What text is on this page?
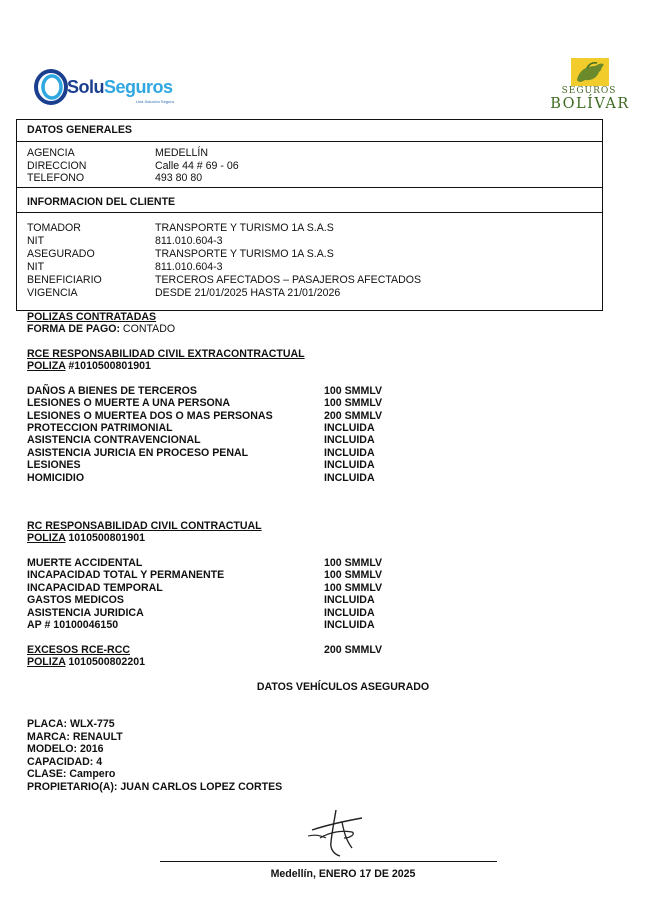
SoluSeguros
Una Solución Segura
SEGUROS
BOLÍVAR
DATOS GENERALES
AGENCIA	MEDELLÍN
DIRECCION	Calle 44 # 69 - 06
TELEFONO	493 80 80
INFORMACION DEL CLIENTE
TOMADOR	TRANSPORTE Y TURISMO 1A S.A.S
NIT	811.010.604-3
ASEGURADO	TRANSPORTE Y TURISMO 1A S.A.S
NIT	811.010.604-3
BENEFICIARIO	TERCEROS AFECTADOS – PASAJEROS AFECTADOS
VIGENCIA	DESDE 21/01/2025 HASTA 21/01/2026
POLIZAS CONTRATADAS
FORMA DE PAGO: CONTADO
RCE RESPONSABILIDAD CIVIL EXTRACONTRACTUAL
POLIZA #1010500801901
DAÑOS A BIENES DE TERCEROS	100 SMMLV
LESIONES O MUERTE A UNA PERSONA	100 SMMLV
LESIONES O MUERTEA DOS O MAS PERSONAS	200 SMMLV
PROTECCION PATRIMONIAL	INCLUIDA
ASISTENCIA CONTRAVENCIONAL	INCLUIDA
ASISTENCIA JURICIA EN PROCESO PENAL	INCLUIDA
LESIONES	INCLUIDA
HOMICIDIO	INCLUIDA
RC RESPONSABILIDAD CIVIL CONTRACTUAL
POLIZA 1010500801901
MUERTE ACCIDENTAL	100 SMMLV
INCAPACIDAD TOTAL Y PERMANENTE	100 SMMLV
INCAPACIDAD TEMPORAL	100 SMMLV
GASTOS MEDICOS	INCLUIDA
ASISTENCIA JURIDICA	INCLUIDA
AP # 10100046150	INCLUIDA
EXCESOS RCE-RCC	200 SMMLV
POLIZA 1010500802201
DATOS VEHÍCULOS ASEGURADO
PLACA: WLX-775
MARCA: RENAULT
MODELO: 2016
CAPACIDAD: 4
CLASE: Campero
PROPIETARIO(A): JUAN CARLOS LOPEZ CORTES
Medellín, ENERO 17 DE 2025
